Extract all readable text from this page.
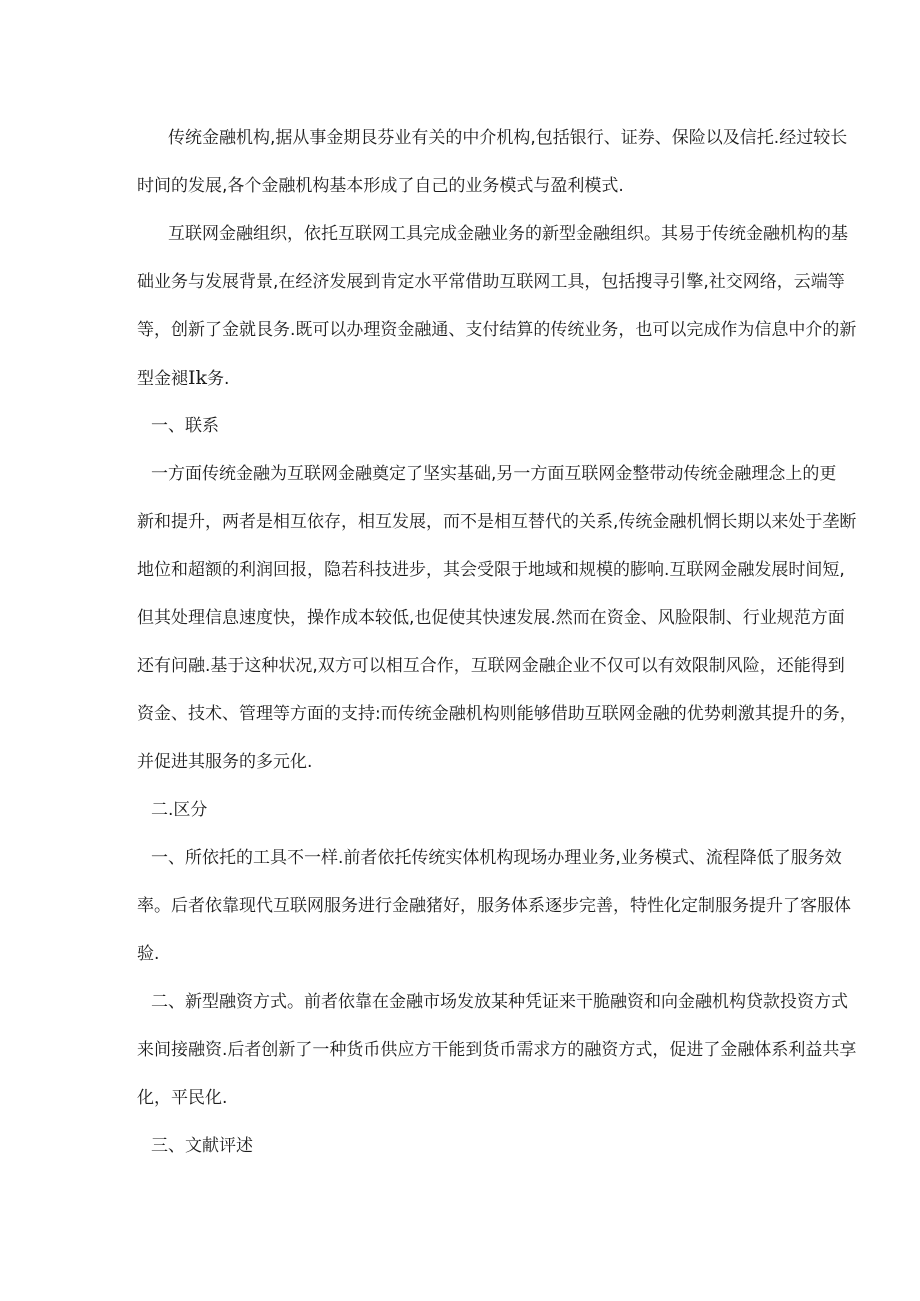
传统金融机构,据从事金期艮芬业有关的中介机构,包括银行、证券、保险以及信托.经过较长
时间的发展,各个金融机构基本形成了自己的业务模式与盈利模式.
互联网金融组织，依托互联网工具完成金融业务的新型金融组织。其易于传统金融机构的基
础业务与发展背景,在经济发展到肯定水平常借助互联网工具，包括搜寻引擎,社交网络，云端等
等，创新了金就艮务.既可以办理资金融通、支付结算的传统业务，也可以完成作为信息中介的新
型金褪Ik务.
一、联系
一方面传统金融为互联网金融奠定了坚实基础,另一方面互联网金整带动传统金融理念上的更
新和提升，两者是相互依存，相互发展，而不是相互替代的关系,传统金融机惘长期以来处于垄断
地位和超额的利润回报，隐若科技进步，其会受限于地域和规模的膨响.互联网金融发展时间短,
但其处理信息速度快，操作成本较低,也促使其快速发展.然而在资金、风脸限制、行业规范方面
还有问融.基于这种状况,双方可以相互合作，互联网金融企业不仅可以有效限制风险，还能得到
资金、技术、管理等方面的支持:而传统金融机构则能够借助互联网金融的优势刺激其提升的务，
并促进其服务的多元化.
二.区分
一、所依托的工具不一样.前者依托传统实体机构现场办理业务,业务模式、流程降低了服务效
率。后者依靠现代互联网服务进行金融猪好，服务体系逐步完善，特性化定制服务提升了客服体
验.
二、新型融资方式。前者依靠在金融市场发放某种凭证来干脆融资和向金融机构贷款投资方式
来间接融资.后者创新了一种货币供应方干能到货币需求方的融资方式，促进了金融体系利益共享
化，平民化.
三、文献评述
